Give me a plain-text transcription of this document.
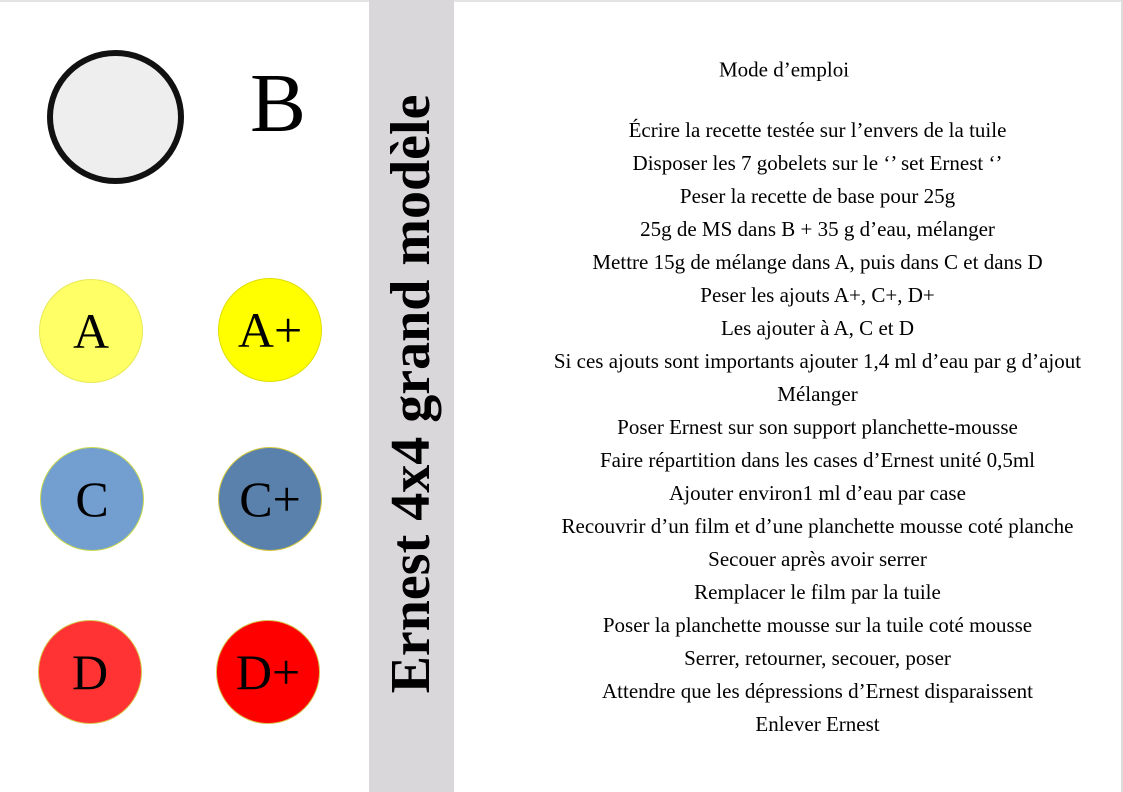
B
A	A+
C	C+
D	D+ Ernest 4x4 grand modèle
Mode d’emploi
Écrire la recette testée sur l’envers de la tuile
Disposer les 7 gobelets sur le ‘’ set Ernest ‘’
Peser la recette de base pour 25g
25g de MS dans B + 35 g d’eau, mélanger
Mettre 15g de mélange dans A, puis dans C et dans D
Peser les ajouts A+, C+, D+
Les ajouter à A, C et D
Si ces ajouts sont importants ajouter 1,4 ml d’eau par g d’ajout
Mélanger
Poser Ernest sur son support planchette-mousse
Faire répartition dans les cases d’Ernest unité 0,5ml
Ajouter environ1 ml d’eau par case
Recouvrir d’un film et d’une planchette mousse coté planche
Secouer après avoir serrer
Remplacer le film par la tuile
Poser la planchette mousse sur la tuile coté mousse
Serrer, retourner, secouer, poser
Attendre que les dépressions d’Ernest disparaissent
Enlever Ernest
